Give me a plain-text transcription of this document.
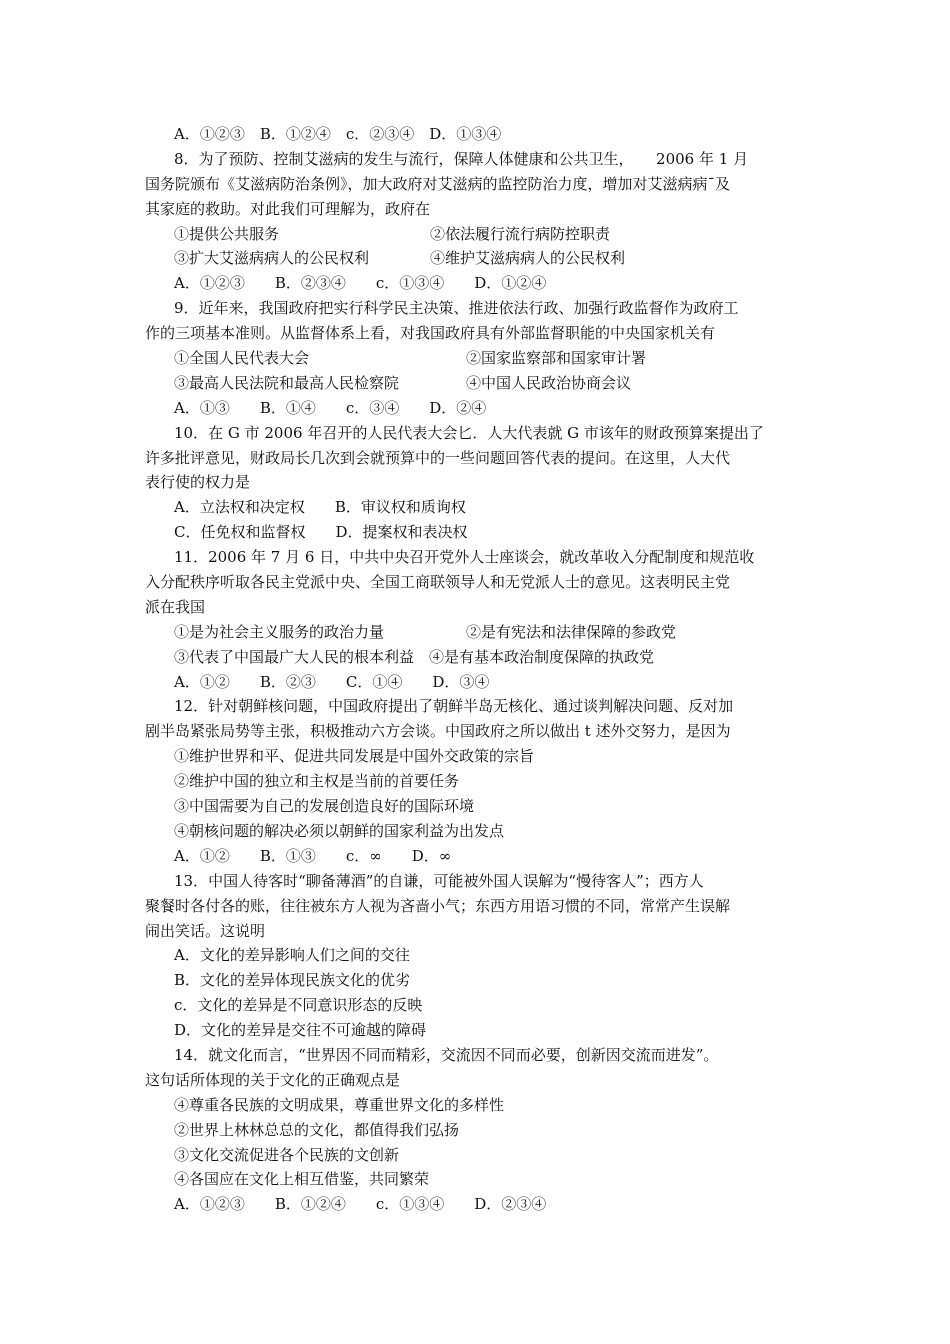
A．①②③　B．①②④　c．②③④　D．①③④
8．为了预防、控制艾滋病的发生与流行，保障人体健康和公共卫生，　　2006 年 1 月
国务院颁布《艾滋病防治条例》，加大政府对艾滋病的监控防治力度，增加对艾滋病病ˉ及
其家庭的救助。对此我们可理解为，政府在
①提供公共服务	②依法履行流行病防控职责
③扩大艾滋病病人的公民权利	④维护艾滋病病人的公民权利
A．①②③　　B．②③④　　c．①③④　　D．①②④
9．近年来，我国政府把实行科学民主决策、推进依法行政、加强行政监督作为政府工
作的三项基本准则。从监督体系上看，对我国政府具有外部监督职能的中央国家机关有
①全国人民代表大会	②国家监察部和国家审计署
③最高人民法院和最高人民检察院	④中国人民政治协商会议
A．①③　　B．①④　　c．③④　　D．②④
10．在 G 市 2006 年召开的人民代表大会匕．人大代表就 G 市该年的财政预算案提出了
许多批评意见，财政局长几次到会就预算中的一些问题回答代表的提问。在这里，人大代
表行使的权力是
A．立法权和决定权　　B．审议权和质询权
C．任免权和监督权　　D．提案权和表决权
11．2006 年 7 月 6 日，中共中央召开党外人士座谈会，就改革收入分配制度和规范收
入分配秩序听取各民主党派中央、全国工商联领导人和无党派人士的意见。这表明民主党
派在我国
①是为社会主义服务的政治力量	②是有宪法和法律保障的参政党
③代表了中国最广大人民的根本利益　④是有基本政治制度保障的执政党
A．①②　　B．②③　　C．①④　　D．③④
12．针对朝鲜核问题，中国政府提出了朝鲜半岛无核化、通过谈判解决问题、反对加
剧半岛紧张局势等主张，积极推动六方会谈。中国政府之所以做出 t 述外交努力，是因为
①维护世界和平、促进共同发展是中国外交政策的宗旨
②维护中国的独立和主权是当前的首要任务
③中国需要为自己的发展创造良好的国际环境
④朝核问题的解决必须以朝鲜的国家利益为出发点
A．①②　　B．①③　　c．∞　　D．∞
13．中国人待客时“聊备薄酒”的自谦，可能被外国人误解为“慢待客人”；西方人
聚餐时各付各的账，往往被东方人视为吝啬小气；东西方用语习惯的不同，常常产生误解
闹出笑话。这说明
A．文化的差异影响人们之间的交往
B．文化的差异体现民族文化的优劣
c．文化的差异是不同意识形态的反映
D．文化的差异是交往不可逾越的障碍
14．就文化而言，“世界因不同而精彩，交流因不同而必要，创新因交流而进发”。
这句话所体现的关于文化的正确观点是
④尊重各民族的文明成果，尊重世界文化的多样性
②世界上林林总总的文化，都值得我们弘扬
③文化交流促进各个民族的文创新
④各国应在文化上相互借鉴，共同繁荣
A．①②③　　B．①②④　　c．①③④　　D．②③④
